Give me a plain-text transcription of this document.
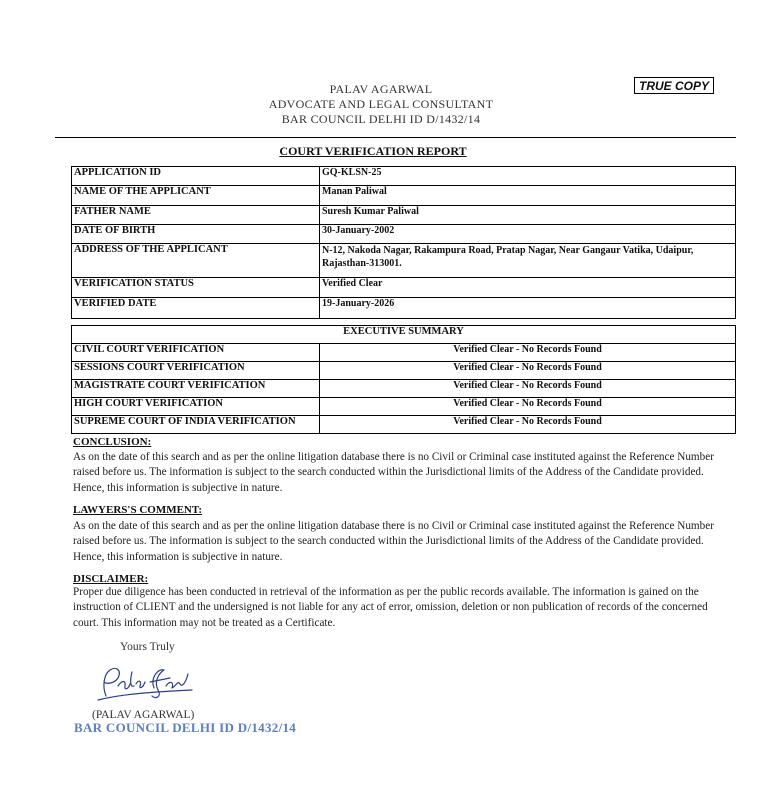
PALAV AGARWAL
ADVOCATE AND LEGAL CONSULTANT
BAR COUNCIL DELHI ID D/1432/14
TRUE COPY
COURT VERIFICATION REPORT
APPLICATION ID	GQ-KLSN-25
NAME OF THE APPLICANT	Manan Paliwal
FATHER NAME	Suresh Kumar Paliwal
DATE OF BIRTH	30-January-2002
ADDRESS OF THE APPLICANT	N-12, Nakoda Nagar, Rakampura Road, Pratap Nagar, Near Gangaur Vatika, Udaipur, Rajasthan-313001.
VERIFICATION STATUS	Verified Clear
VERIFIED DATE	19-January-2026
EXECUTIVE SUMMARY	
CIVIL COURT VERIFICATION	Verified Clear - No Records Found
SESSIONS COURT VERIFICATION	Verified Clear - No Records Found
MAGISTRATE COURT VERIFICATION	Verified Clear - No Records Found
HIGH COURT VERIFICATION	Verified Clear - No Records Found
SUPREME COURT OF INDIA VERIFICATION	Verified Clear - No Records Found
CONCLUSION:
As on the date of this search and as per the online litigation database there is no Civil or Criminal case instituted against the Reference Number raised before us. The information is subject to the search conducted within the Jurisdictional limits of the Address of the Candidate provided. Hence, this information is subjective in nature.
LAWYERS'S COMMENT:
As on the date of this search and as per the online litigation database there is no Civil or Criminal case instituted against the Reference Number raised before us. The information is subject to the search conducted within the Jurisdictional limits of the Address of the Candidate provided. Hence, this information is subjective in nature.
DISCLAIMER:
Proper due diligence has been conducted in retrieval of the information as per the public records available. The information is gained on the instruction of CLIENT and the undersigned is not liable for any act of error, omission, deletion or non publication of records of the concerned court. This information may not be treated as a Certificate.
Yours Truly
(PALAV AGARWAL)
BAR COUNCIL DELHI ID D/1432/14
